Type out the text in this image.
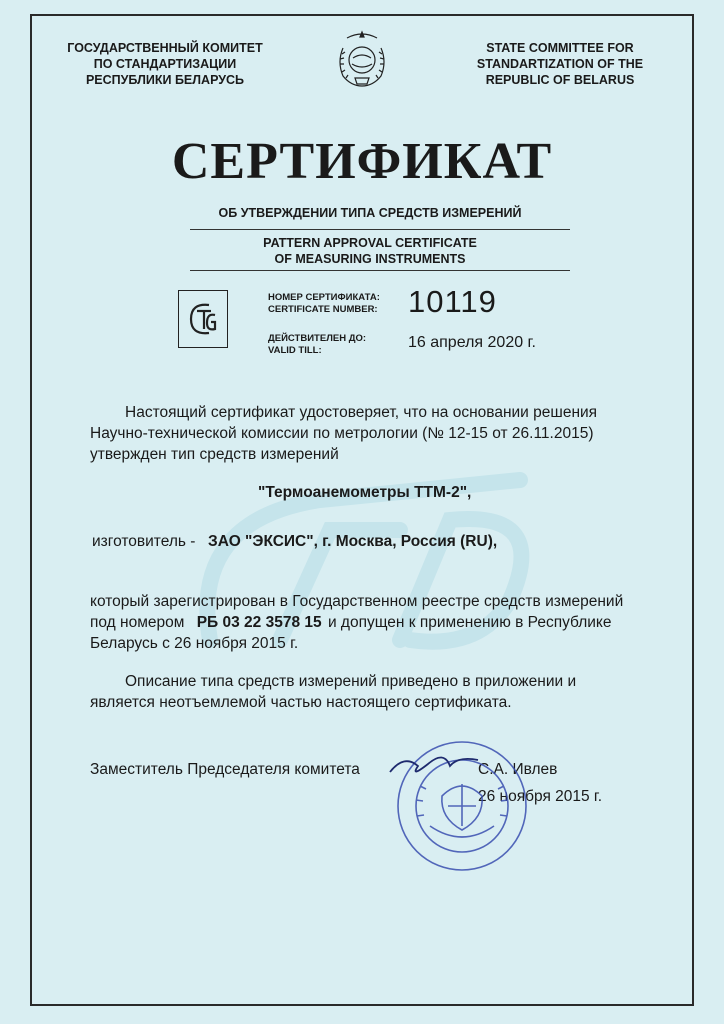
ГОСУДАРСТВЕННЫЙ КОМИТЕТ
ПО СТАНДАРТИЗАЦИИ
РЕСПУБЛИКИ БЕЛАРУСЬ
STATE COMMITTEE FOR
STANDARTIZATION OF THE
REPUBLIC OF BELARUS
СЕРТИФИКАТ
ОБ УТВЕРЖДЕНИИ ТИПА СРЕДСТВ ИЗМЕРЕНИЙ
PATTERN APPROVAL CERTIFICATE
OF MEASURING INSTRUMENTS
НОМЕР СЕРТИФИКАТА:
CERTIFICATE NUMBER: 10119
ДЕЙСТВИТЕЛЕН ДО:
VALID TILL:	16 апреля 2020 г.
Настоящий сертификат удостоверяет, что на основании решения
Научно-технической комиссии по метрологии (№ 12-15 от 26.11.2015)
утвержден тип средств измерений
"Термоанемометры ТТМ-2",
изготовитель - ЗАО "ЭКСИС", г. Москва, Россия (RU),
который зарегистрирован в Государственном реестре средств измерений
под номером РБ 03 22 3578 15 и допущен к применению в Республике
Беларусь с 26 ноября 2015 г.
Описание типа средств измерений приведено в приложении и
является неотъемлемой частью настоящего сертификата.
Заместитель Председателя комитета	С.А. Ивлев
26 ноября 2015 г.
